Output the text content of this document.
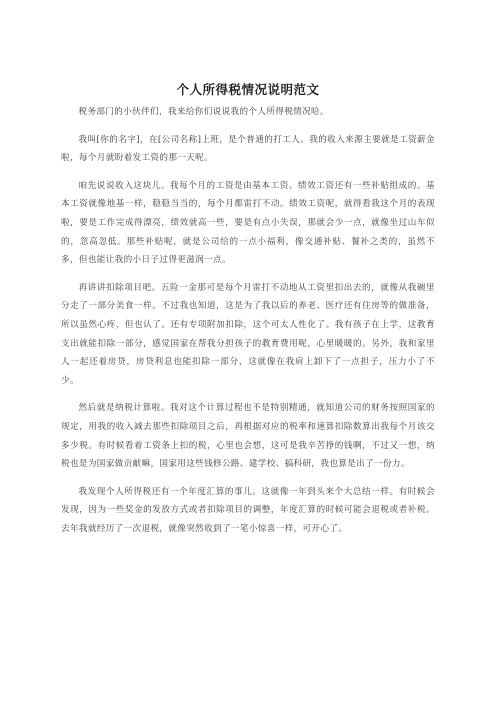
个人所得税情况说明范文

税务部门的小伙伴们，我来给你们说说我的个人所得税情况哈。

我叫[你的名字]，在[公司名称]上班，是个普通的打工人。我的收入来源主要就是工资薪金啦，每个月就盼着发工资的那一天呢。

咱先说说收入这块儿。我每个月的工资是由基本工资、绩效工资还有一些补贴组成的。基本工资就像地基一样，稳稳当当的，每个月都雷打不动。绩效工资呢，就得看我这个月的表现啦，要是工作完成得漂亮，绩效就高一些，要是有点小失误，那就会少一点，就像坐过山车似的，忽高忽低。那些补贴呢，就是公司给的一点小福利，像交通补贴、餐补之类的，虽然不多，但也能让我的小日子过得更滋润一点。

再讲讲扣除项目吧。五险一金那可是每个月雷打不动地从工资里扣出去的，就像从我碗里分走了一部分美食一样。不过我也知道，这是为了我以后的养老、医疗还有住房等的做准备，所以虽然心疼，但也认了。还有专项附加扣除，这个可太人性化了。我有孩子在上学，这教育支出就能扣除一部分，感觉国家在帮我分担孩子的教育费用呢，心里暖暖的。另外，我和家里人一起还着房贷，房贷利息也能扣除一部分，这就像在我肩上卸下了一点担子，压力小了不少。

然后就是纳税计算啦。我对这个计算过程也不是特别精通，就知道公司的财务按照国家的规定，用我的收入减去那些扣除项目之后，再根据对应的税率和速算扣除数算出我每个月该交多少税。有时候看着工资条上扣的税，心里也会想，这可是我辛苦挣的钱啊，不过又一想，纳税也是为国家做贡献嘛，国家用这些钱修公路、建学校、搞科研，我也算是出了一份力。

我发现个人所得税还有一个年度汇算的事儿。这就像一年到头来个大总结一样。有时候会发现，因为一些奖金的发放方式或者扣除项目的调整，年度汇算的时候可能会退税或者补税。去年我就经历了一次退税，就像突然收到了一笔小惊喜一样，可开心了。
